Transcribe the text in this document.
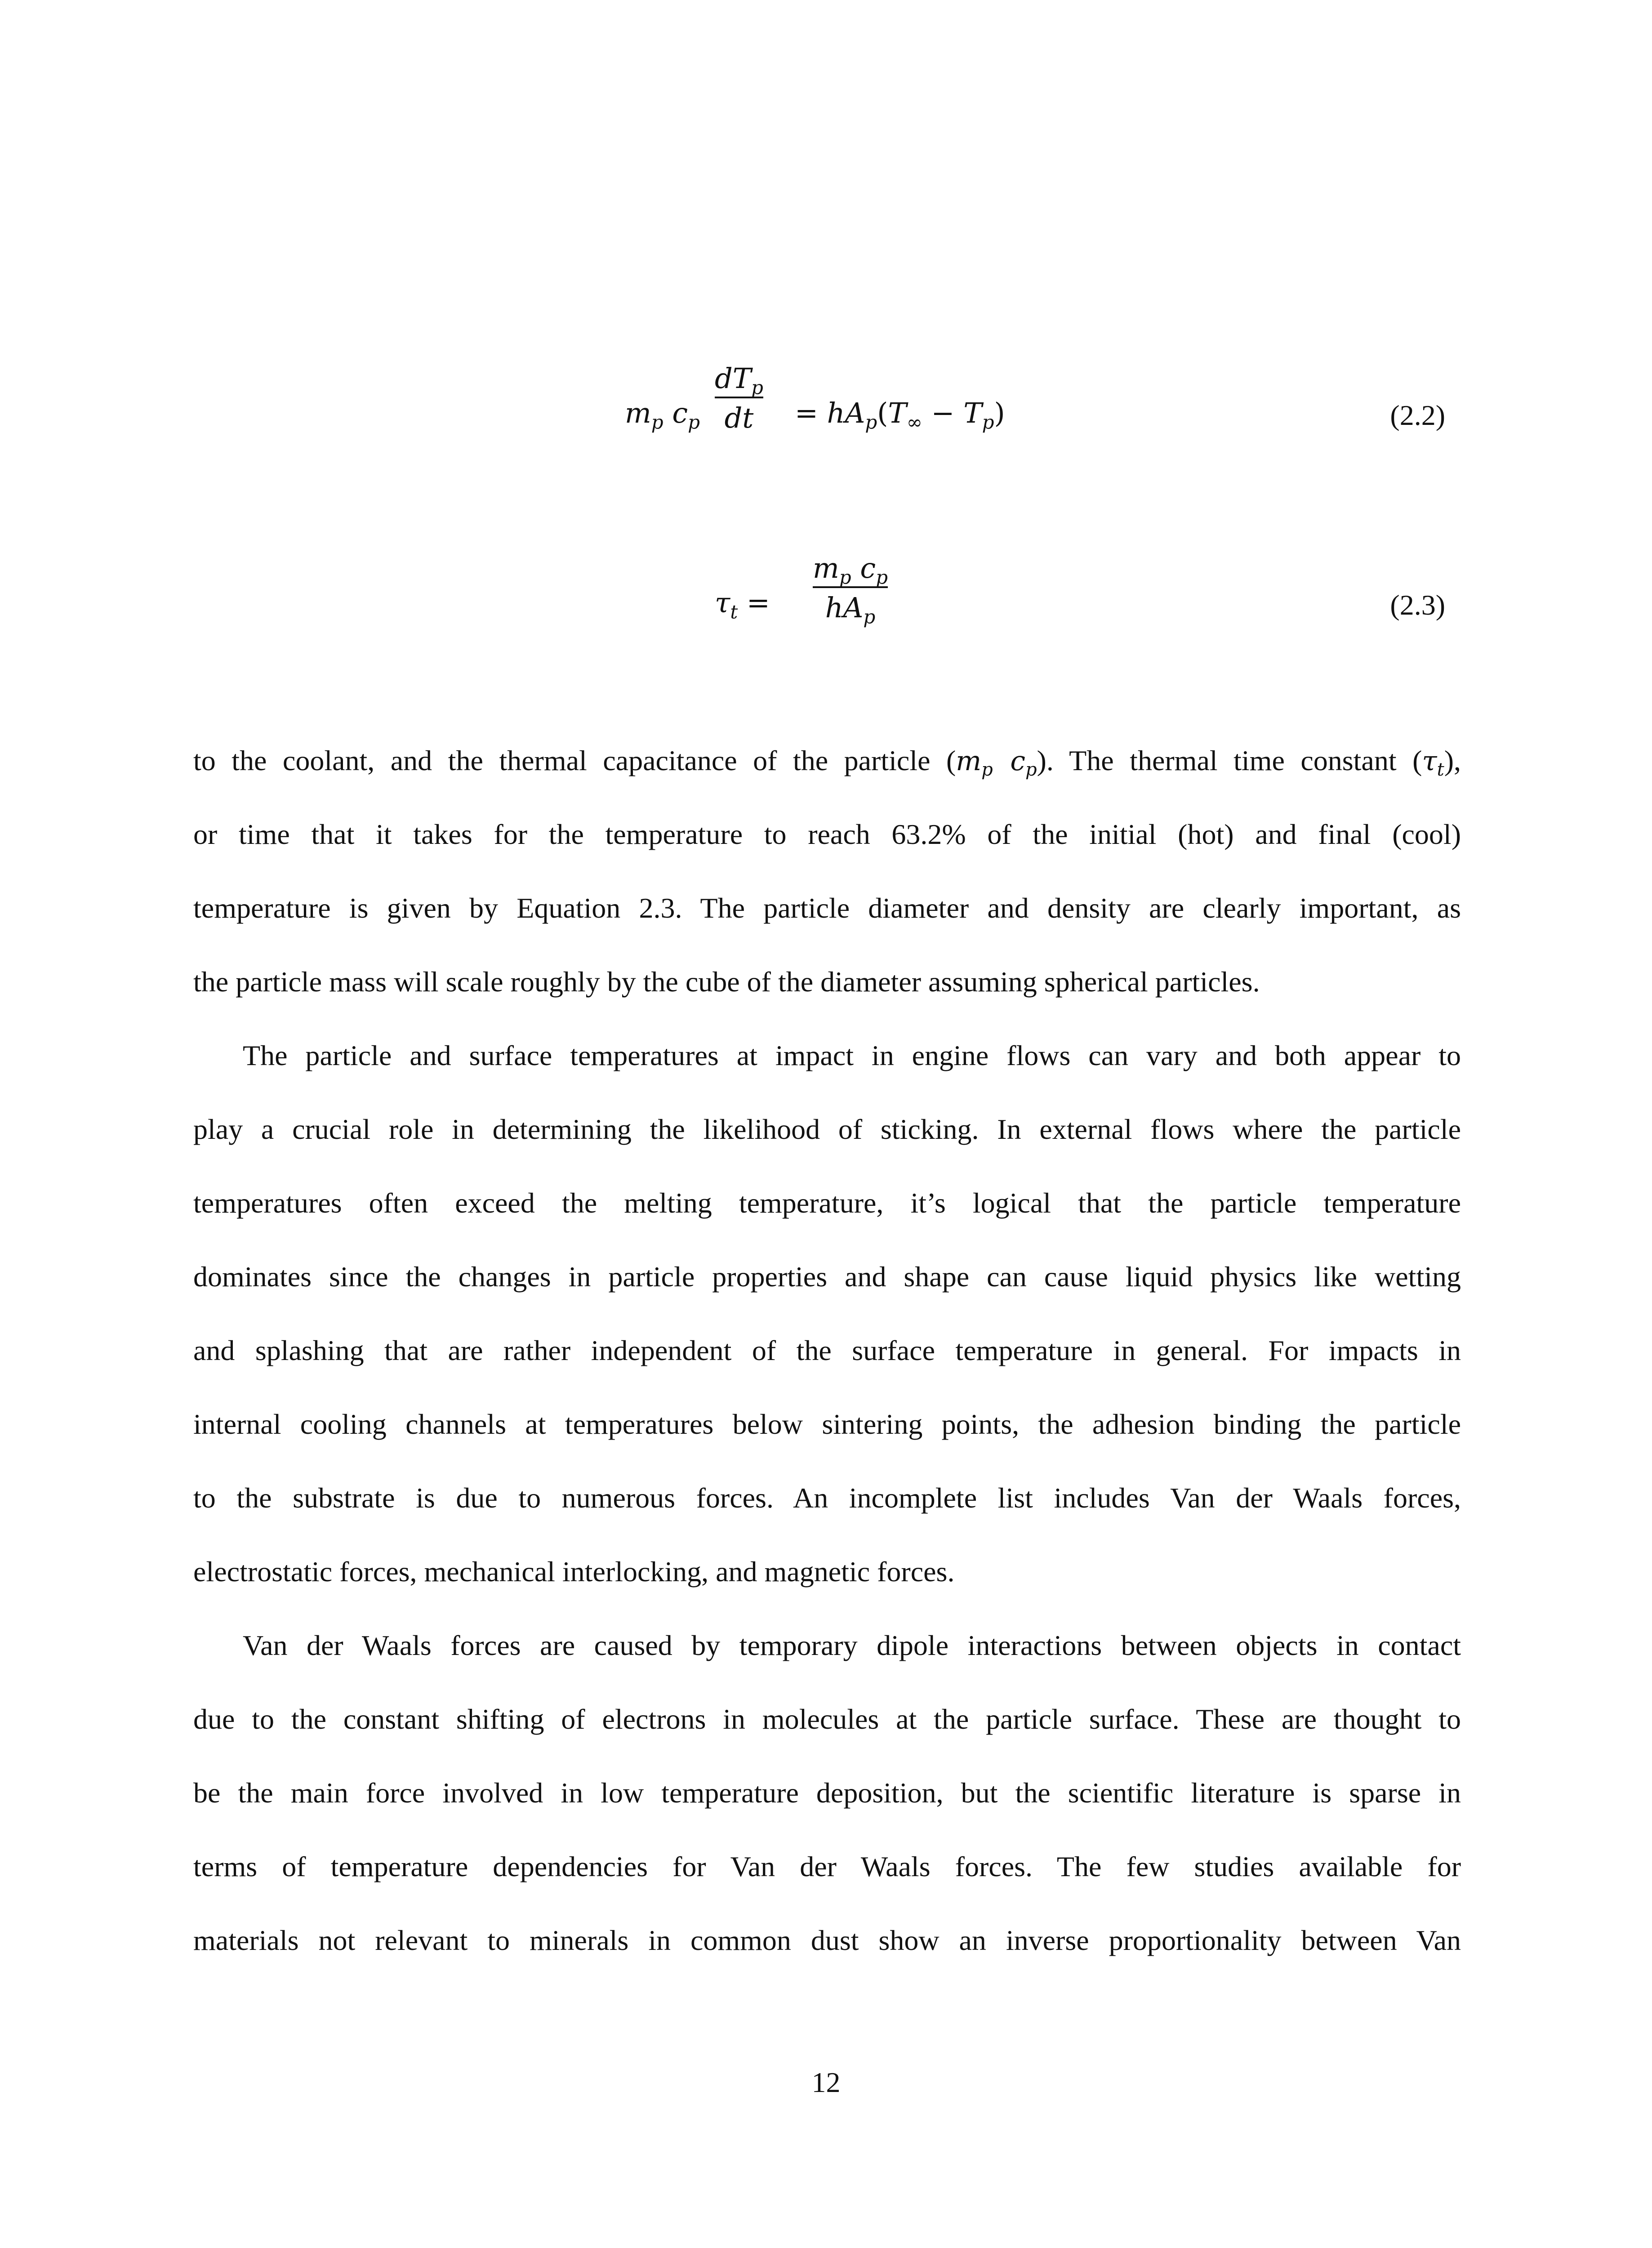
$m_p$ $c_p$
$dT_p$
dt	= $hA_p(T_\infty - T_p)$	(2.2)
$\tau_t$ =
$m_p$ $c_p$
$hA_p$	(2.3)
to the coolant, and the thermal capacitance of the particle ($m_p$ $c_p$). The thermal time constant $(\tau_t)$,
or time that it takes for the temperature to reach 63.2% of the initial (hot) and final (cool)
temperature is given by Equation 2.3. The particle diameter and density are clearly important, as
the particle mass will scale roughly by the cube of the diameter assuming spherical particles.
The particle and surface temperatures at impact in engine flows can vary and both appear to
play a crucial role in determining the likelihood of sticking. In external flows where the particle
temperatures often exceed the melting temperature, it’s logical that the particle temperature
dominates since the changes in particle properties and shape can cause liquid physics like wetting
and splashing that are rather independent of the surface temperature in general. For impacts in
internal cooling channels at temperatures below sintering points, the adhesion binding the particle
to the substrate is due to numerous forces. An incomplete list includes Van der Waals forces,
electrostatic forces, mechanical interlocking, and magnetic forces.
Van der Waals forces are caused by temporary dipole interactions between objects in contact
due to the constant shifting of electrons in molecules at the particle surface. These are thought to
be the main force involved in low temperature deposition, but the scientific literature is sparse in
terms of temperature dependencies for Van der Waals forces. The few studies available for
materials not relevant to minerals in common dust show an inverse proportionality between Van
12
